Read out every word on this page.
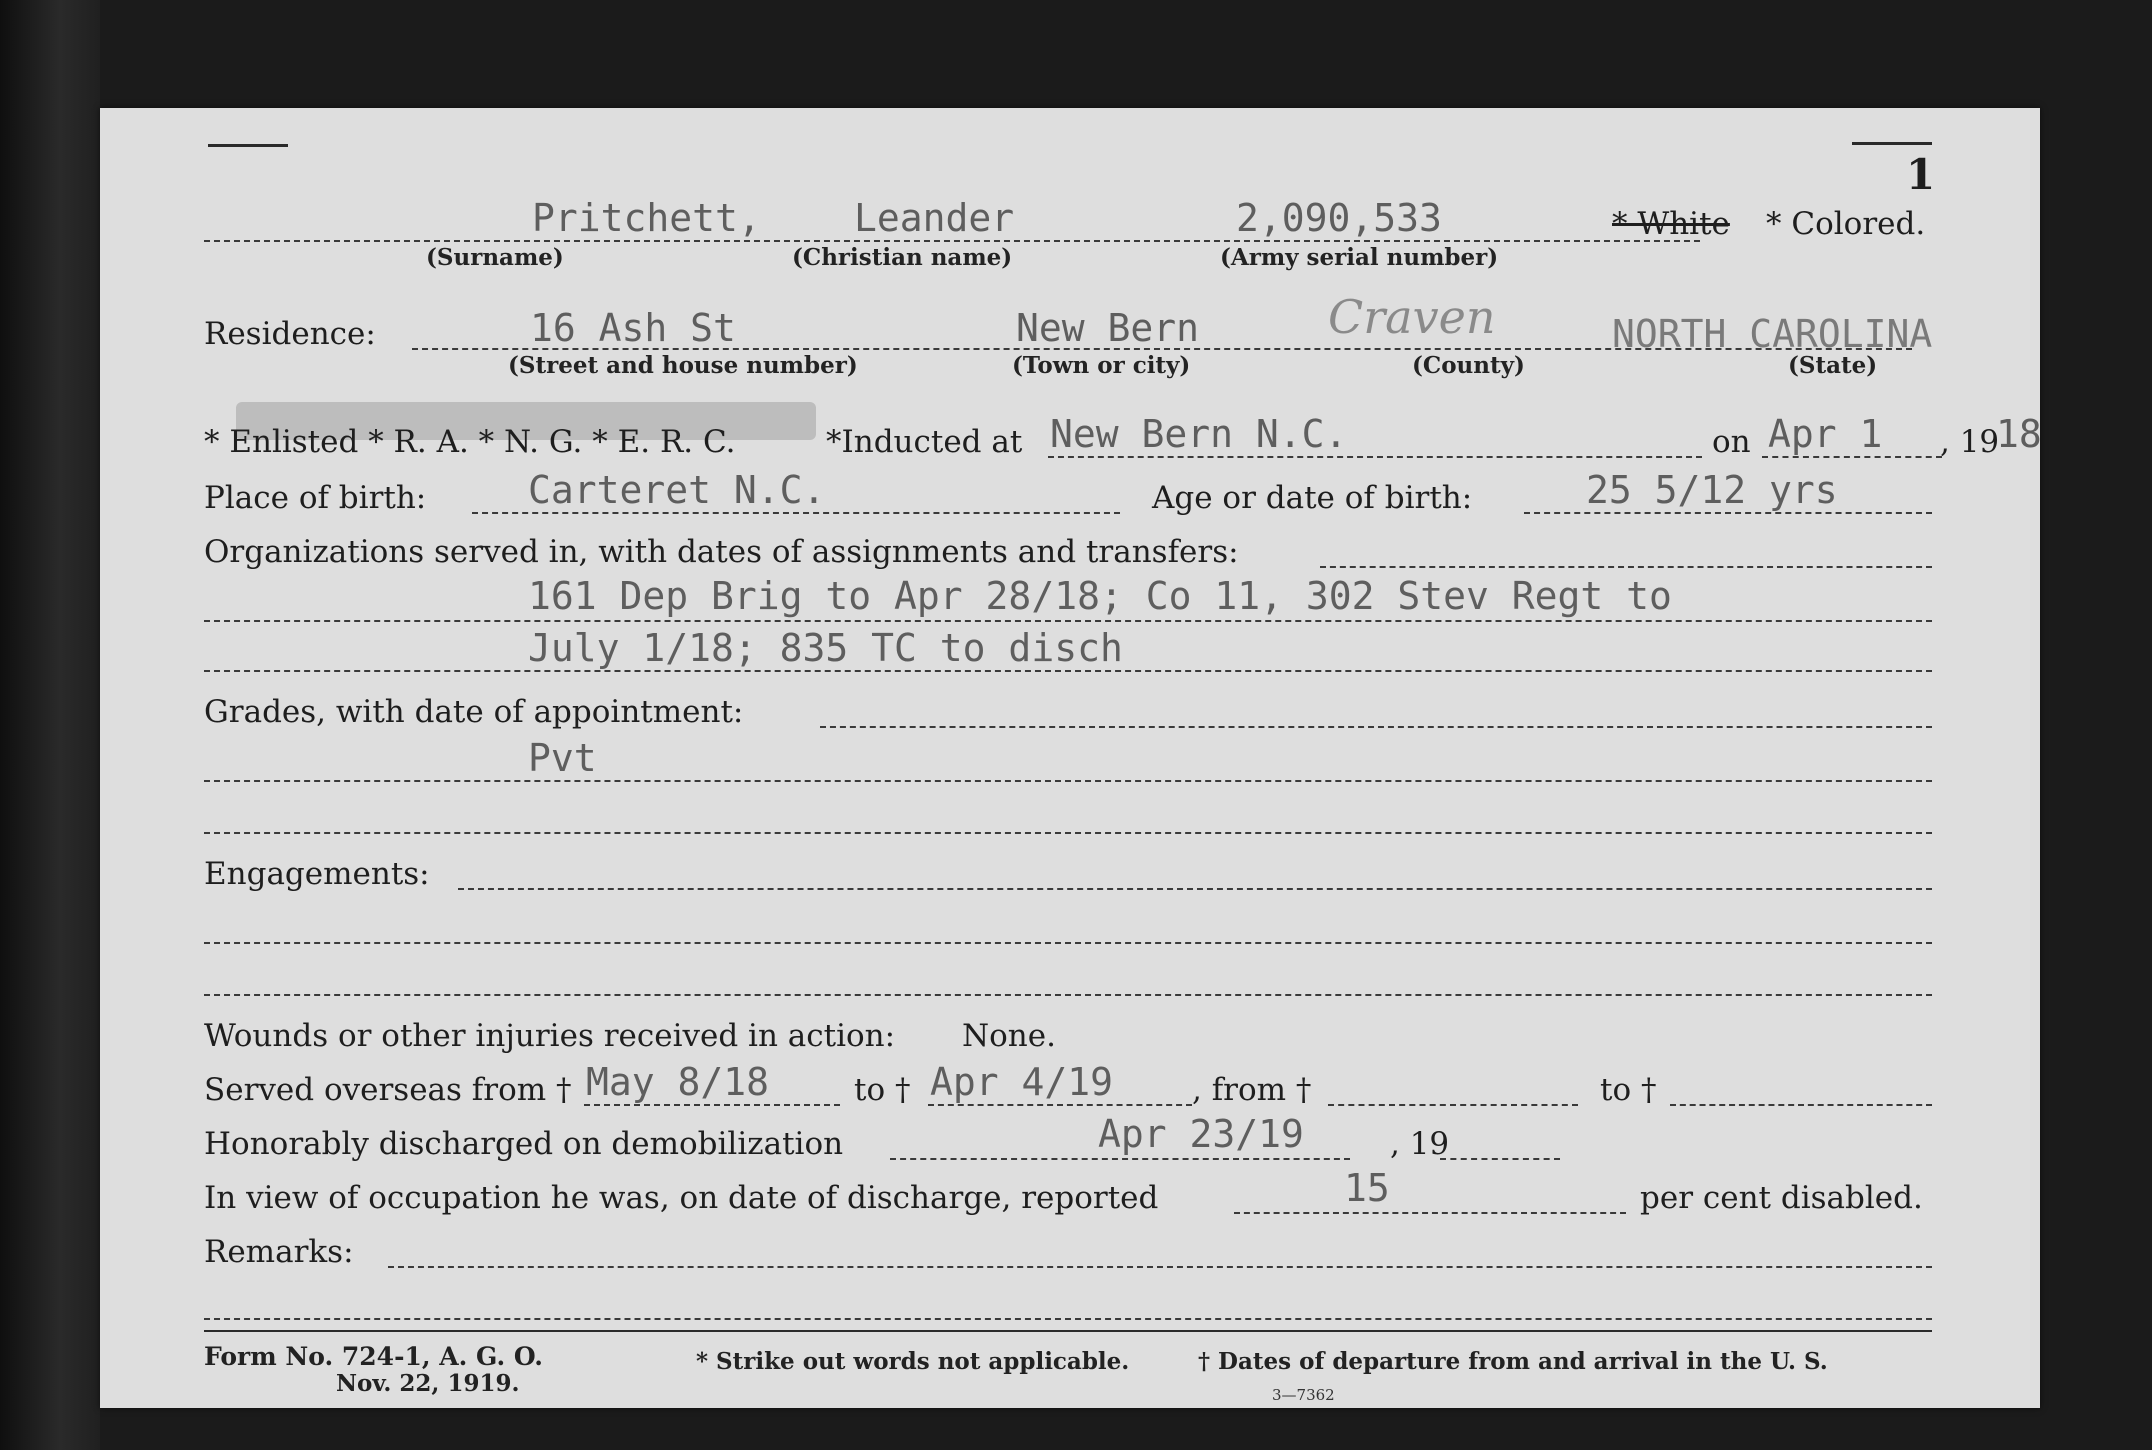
1
Pritchett, Leander	2,090,533	* White * Colored.
(Surname)	(Christian name)	(Army serial number)
Residence:	16 Ash St	New Bern	Craven	NORTH CAROLINA
(Street and house number)	(Town or city)	(County)	(State)
* Enlisted * R. A. * N. G. * E. R. C.	*Inducted at New Bern N.C.	on Apr 1 , 19
18
Place of birth:	Carteret N.C.	Age or date of birth:	25 5/12 yrs
Organizations served in, with dates of assignments and transfers:
161 Dep Brig to Apr 28/18; Co 11, 302 Stev Regt to
July 1/18; 835 TC to disch
Grades, with date of appointment:
Pvt
Engagements:
Wounds or other injuries received in action: None.
Served overseas from † May 8/18	to † Apr 4/19	, from †	to †
Honorably discharged on demobilization	Apr 23/19	, 19
In view of occupation he was, on date of discharge, reported	15	per cent disabled.
Remarks:
Form No. 724-1, A. G. O.
Nov. 22, 1919.
* Strike out words not applicable.	† Dates of departure from and arrival in the U. S.
3—7362
